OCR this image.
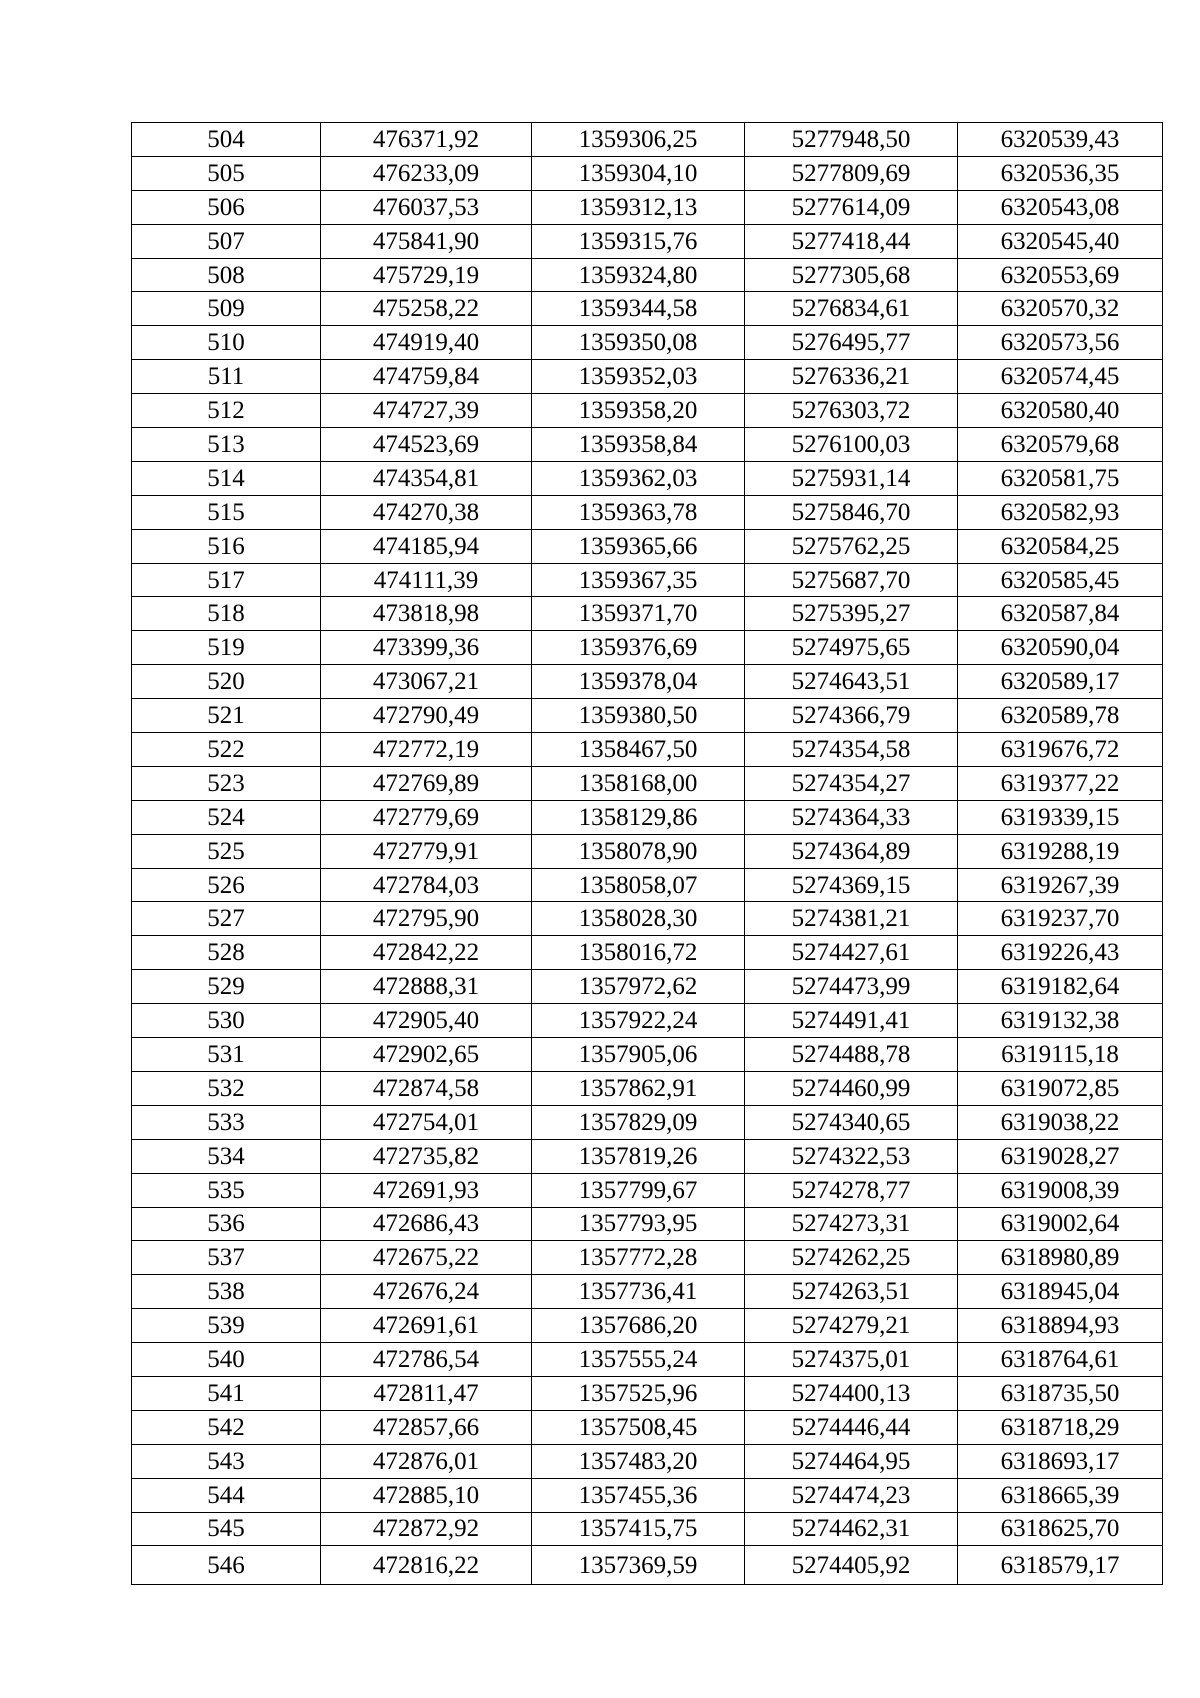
504	476371,92	1359306,25	5277948,50	6320539,43
505	476233,09	1359304,10	5277809,69	6320536,35
506	476037,53	1359312,13	5277614,09	6320543,08
507	475841,90	1359315,76	5277418,44	6320545,40
508	475729,19	1359324,80	5277305,68	6320553,69
509	475258,22	1359344,58	5276834,61	6320570,32
510	474919,40	1359350,08	5276495,77	6320573,56
511	474759,84	1359352,03	5276336,21	6320574,45
512	474727,39	1359358,20	5276303,72	6320580,40
513	474523,69	1359358,84	5276100,03	6320579,68
514	474354,81	1359362,03	5275931,14	6320581,75
515	474270,38	1359363,78	5275846,70	6320582,93
516	474185,94	1359365,66	5275762,25	6320584,25
517	474111,39	1359367,35	5275687,70	6320585,45
518	473818,98	1359371,70	5275395,27	6320587,84
519	473399,36	1359376,69	5274975,65	6320590,04
520	473067,21	1359378,04	5274643,51	6320589,17
521	472790,49	1359380,50	5274366,79	6320589,78
522	472772,19	1358467,50	5274354,58	6319676,72
523	472769,89	1358168,00	5274354,27	6319377,22
524	472779,69	1358129,86	5274364,33	6319339,15
525	472779,91	1358078,90	5274364,89	6319288,19
526	472784,03	1358058,07	5274369,15	6319267,39
527	472795,90	1358028,30	5274381,21	6319237,70
528	472842,22	1358016,72	5274427,61	6319226,43
529	472888,31	1357972,62	5274473,99	6319182,64
530	472905,40	1357922,24	5274491,41	6319132,38
531	472902,65	1357905,06	5274488,78	6319115,18
532	472874,58	1357862,91	5274460,99	6319072,85
533	472754,01	1357829,09	5274340,65	6319038,22
534	472735,82	1357819,26	5274322,53	6319028,27
535	472691,93	1357799,67	5274278,77	6319008,39
536	472686,43	1357793,95	5274273,31	6319002,64
537	472675,22	1357772,28	5274262,25	6318980,89
538	472676,24	1357736,41	5274263,51	6318945,04
539	472691,61	1357686,20	5274279,21	6318894,93
540	472786,54	1357555,24	5274375,01	6318764,61
541	472811,47	1357525,96	5274400,13	6318735,50
542	472857,66	1357508,45	5274446,44	6318718,29
543	472876,01	1357483,20	5274464,95	6318693,17
544	472885,10	1357455,36	5274474,23	6318665,39
545	472872,92	1357415,75	5274462,31	6318625,70
546	472816,22	1357369,59	5274405,92	6318579,17
